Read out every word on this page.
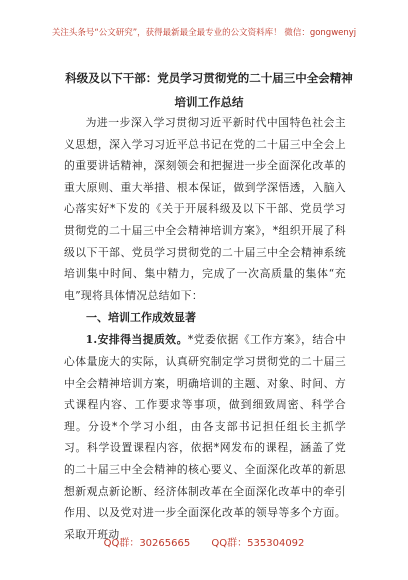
关注头条号“公文研究”，获得最新最全最专业的公文资料库！ 微信：gongwenyj
科级及以下干部：党员学习贯彻党的二十届三中全会精神培训工作总结

为进一步深入学习贯彻习近平新时代中国特色社会主义思想，深入学习习近平总书记在党的二十届三中全会上的重要讲话精神，深刻领会和把握进一步全面深化改革的重大原则、重大举措、根本保证，做到学深悟透，入脑入心落实好*下发的《关于开展科级及以下干部、党员学习贯彻党的二十届三中全会精神培训方案》，*组织开展了科级以下干部、党员学习贯彻党的二十届三中全会精神系统培训集中时间、集中精力，完成了一次高质量的集体“充电”现将具体情况总结如下：

一、培训工作成效显著

1.安排得当提质效。*党委依据《工作方案》，结合中心体量庞大的实际，认真研究制定学习贯彻党的二十届三中全会精神培训方案，明确培训的主题、对象、时间、方式课程内容、工作要求等事项，做到细致周密、科学合理。分设*个学习小组，由各支部书记担任组长主抓学习。科学设置课程内容，依据*网发布的课程，涵盖了党的二十届三中全会精神的核心要义、全面深化改革的新思想新观点新论断、经济体制改革在全面深化改革中的牵引作用、以及党对进一步全面深化改革的领导等多个方面。采取开班动

QQ群：30265665 QQ群：535304092
